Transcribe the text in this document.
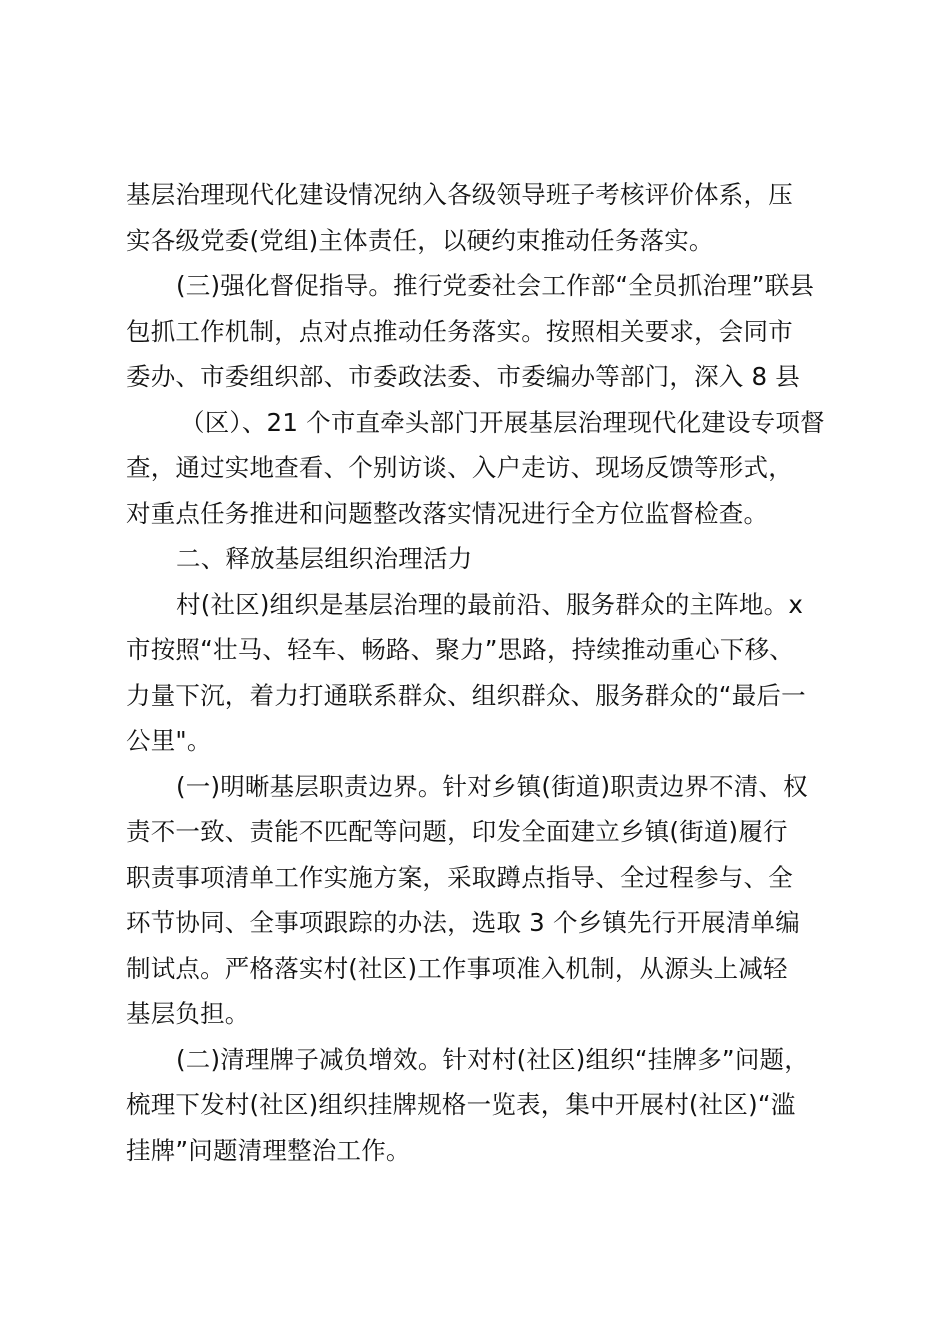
基层治理现代化建设情况纳入各级领导班子考核评价体系，压
实各级党委(党组)主体责任，以硬约束推动任务落实。
(三)强化督促指导。推行党委社会工作部“全员抓治理”联县
包抓工作机制，点对点推动任务落实。按照相关要求，会同市
委办、市委组织部、市委政法委、市委编办等部门，深入 8 县
（区）、21 个市直牵头部门开展基层治理现代化建设专项督
查，通过实地查看、个别访谈、入户走访、现场反馈等形式，
对重点任务推进和问题整改落实情况进行全方位监督检查。
二、释放基层组织治理活力
村(社区)组织是基层治理的最前沿、服务群众的主阵地。x
市按照“壮马、轻车、畅路、聚力”思路，持续推动重心下移、
力量下沉，着力打通联系群众、组织群众、服务群众的“最后一
公里"。
(一)明晰基层职责边界。针对乡镇(街道)职责边界不清、权
责不一致、责能不匹配等问题，印发全面建立乡镇(街道)履行
职责事项清单工作实施方案，采取蹲点指导、全过程参与、全
环节协同、全事项跟踪的办法，选取 3 个乡镇先行开展清单编
制试点。严格落实村(社区)工作事项准入机制，从源头上减轻
基层负担。
(二)清理牌子减负增效。针对村(社区)组织“挂牌多”问题，
梳理下发村(社区)组织挂牌规格一览表，集中开展村(社区)“滥
挂牌”问题清理整治工作。
